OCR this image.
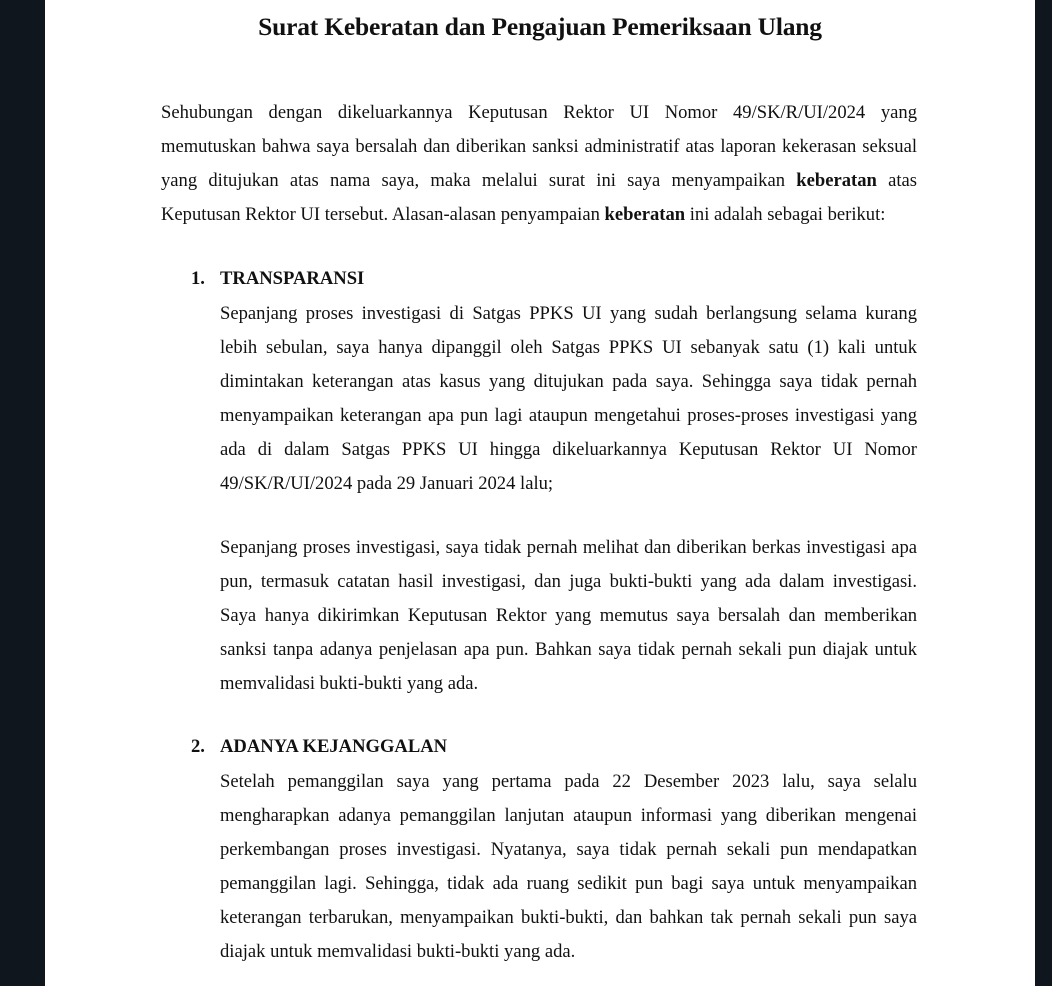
Surat Keberatan dan Pengajuan Pemeriksaan Ulang
Sehubungan dengan dikeluarkannya Keputusan Rektor UI Nomor 49/SK/R/UI/2024 yang memutuskan bahwa saya bersalah dan diberikan sanksi administratif atas laporan kekerasan seksual yang ditujukan atas nama saya, maka melalui surat ini saya menyampaikan keberatan atas Keputusan Rektor UI tersebut. Alasan-alasan penyampaian keberatan ini adalah sebagai berikut:
1. TRANSPARANSI
Sepanjang proses investigasi di Satgas PPKS UI yang sudah berlangsung selama kurang lebih sebulan, saya hanya dipanggil oleh Satgas PPKS UI sebanyak satu (1) kali untuk dimintakan keterangan atas kasus yang ditujukan pada saya. Sehingga saya tidak pernah menyampaikan keterangan apa pun lagi ataupun mengetahui proses-proses investigasi yang ada di dalam Satgas PPKS UI hingga dikeluarkannya Keputusan Rektor UI Nomor 49/SK/R/UI/2024 pada 29 Januari 2024 lalu;
Sepanjang proses investigasi, saya tidak pernah melihat dan diberikan berkas investigasi apa pun, termasuk catatan hasil investigasi, dan juga bukti-bukti yang ada dalam investigasi. Saya hanya dikirimkan Keputusan Rektor yang memutus saya bersalah dan memberikan sanksi tanpa adanya penjelasan apa pun. Bahkan saya tidak pernah sekali pun diajak untuk memvalidasi bukti-bukti yang ada.
2. ADANYA KEJANGGALAN
Setelah pemanggilan saya yang pertama pada 22 Desember 2023 lalu, saya selalu mengharapkan adanya pemanggilan lanjutan ataupun informasi yang diberikan mengenai perkembangan proses investigasi. Nyatanya, saya tidak pernah sekali pun mendapatkan pemanggilan lagi. Sehingga, tidak ada ruang sedikit pun bagi saya untuk menyampaikan keterangan terbarukan, menyampaikan bukti-bukti, dan bahkan tak pernah sekali pun saya diajak untuk memvalidasi bukti-bukti yang ada.
